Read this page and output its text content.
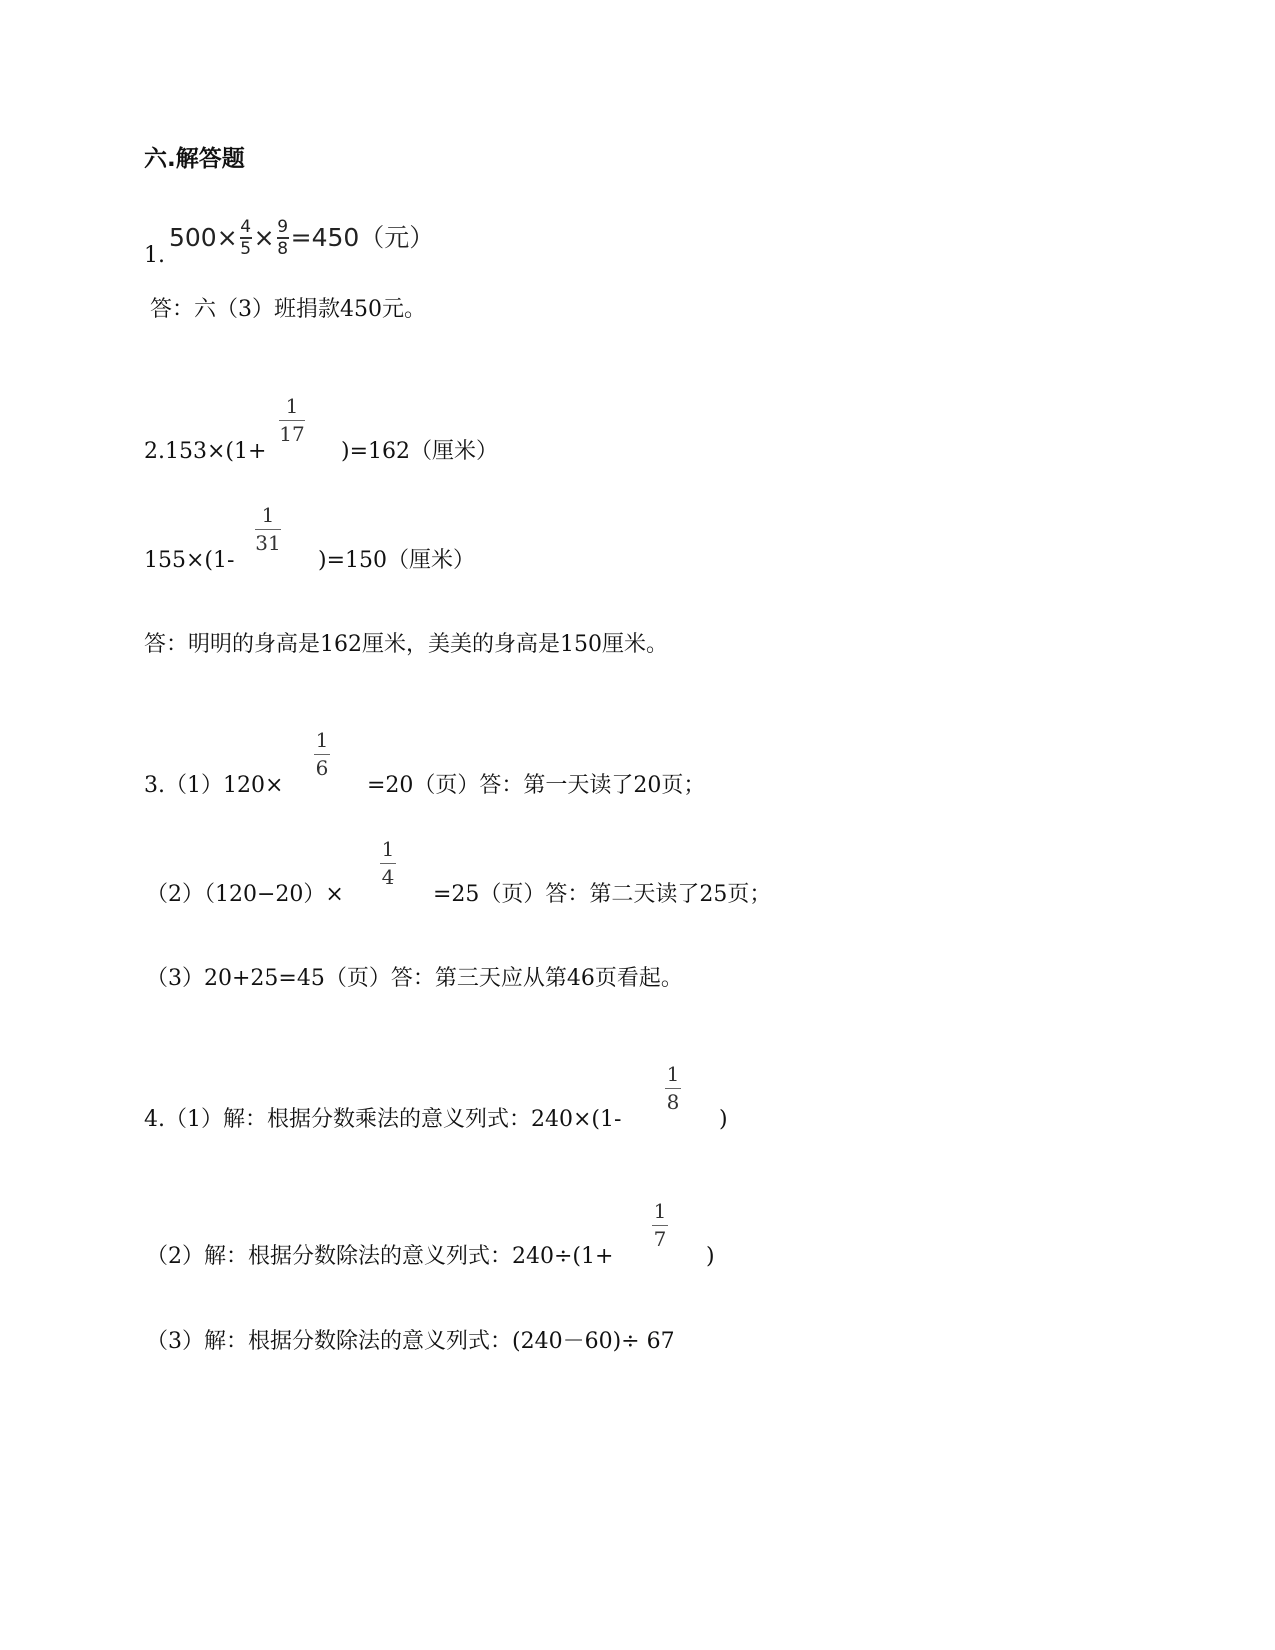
六.解答题
1.
500× 4
5 × 9
8 =450（元）
答：六（3）班捐款450元。
2.153×(1+
1
17
)=162（厘米）
155×(1-
1
31
)=150（厘米）
答：明明的身高是162厘米，美美的身高是150厘米。
3.（1）120×
1
6
=20（页）答：第一天读了20页；
（2）（120−20）×
1
4
=25（页）答：第二天读了25页；
（3）20+25=45（页）答：第三天应从第46页看起。
4.（1）解：根据分数乘法的意义列式：240×(1-
1
8
)
（2）解：根据分数除法的意义列式：240÷(1+
1
7
)
（3）解：根据分数除法的意义列式：(240－60)÷ 67
